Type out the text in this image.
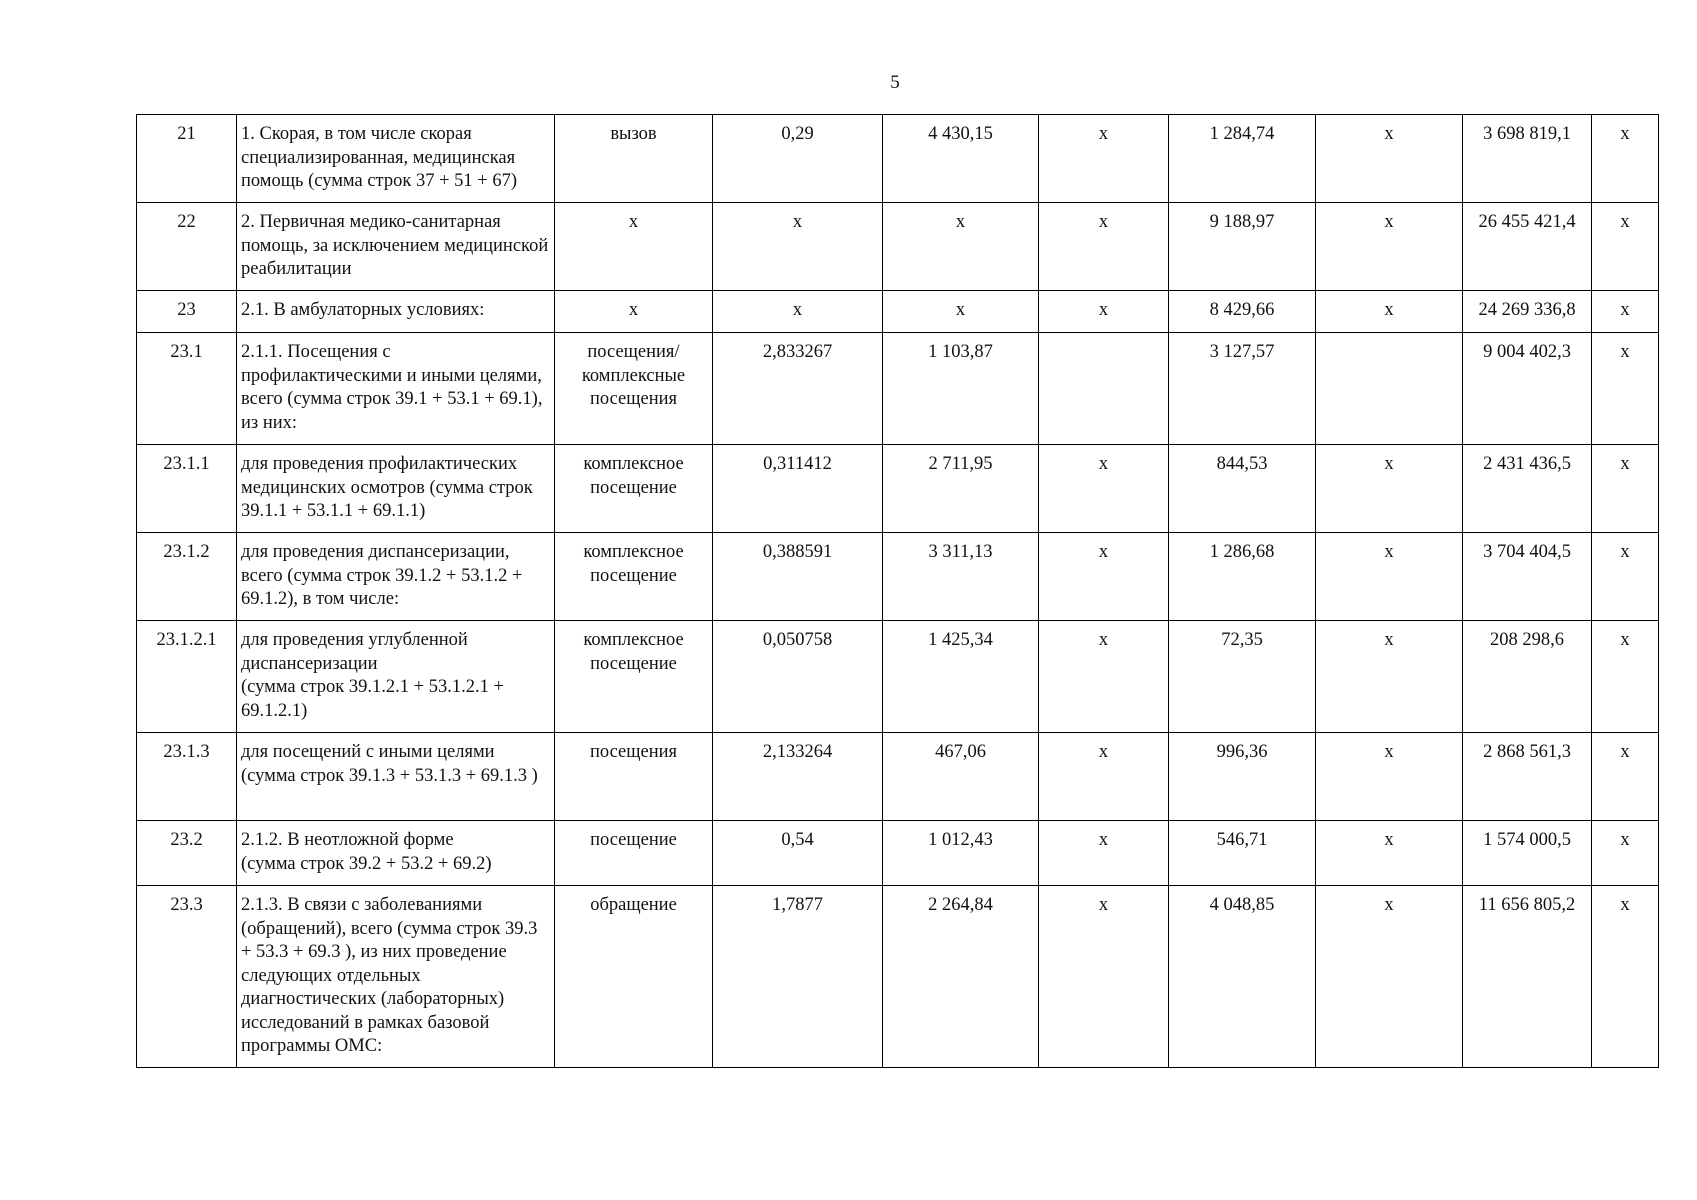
5
21	1. Скорая, в том числе скорая специализированная, медицинская помощь (сумма строк 37 + 51 + 67)	вызов	0,29	4 430,15	х	1 284,74	х	3 698 819,1	х
22	2. Первичная медико-санитарная помощь, за исключением медицинской реабилитации	х	х	х	х	9 188,97	х	26 455 421,4	х
23	2.1. В амбулаторных условиях:	х	х	х	х	8 429,66	х	24 269 336,8	х
23.1	2.1.1. Посещения с профилактическими и иными целями, всего (сумма строк 39.1 + 53.1 + 69.1), из них:	посещения/ комплексные посещения	2,833267	1 103,87		3 127,57		9 004 402,3	х
23.1.1	для проведения профилактических медицинских осмотров (сумма строк 39.1.1 + 53.1.1 + 69.1.1)	комплексное посещение	0,311412	2 711,95	х	844,53	х	2 431 436,5	х
23.1.2	для проведения диспансеризации, всего (сумма строк 39.1.2 + 53.1.2 + 69.1.2), в том числе:	комплексное посещение	0,388591	3 311,13	х	1 286,68	х	3 704 404,5	х
23.1.2.1	для проведения углубленной диспансеризации
(сумма строк 39.1.2.1 + 53.1.2.1 + 69.1.2.1)	комплексное посещение	0,050758	1 425,34	х	72,35	х	208 298,6	х
23.1.3	для посещений с иными целями (сумма строк 39.1.3 + 53.1.3 + 69.1.3 )	посещения	2,133264	467,06	х	996,36	х	2 868 561,3	х
23.2	2.1.2. В неотложной форме
(сумма строк 39.2 + 53.2 + 69.2)	посещение	0,54	1 012,43	х	546,71	х	1 574 000,5	х
23.3	2.1.3. В связи с заболеваниями (обращений), всего (сумма строк 39.3 + 53.3 + 69.3 ), из них проведение следующих отдельных диагностических (лабораторных) исследований в рамках базовой программы ОМС:	обращение	1,7877	2 264,84	х	4 048,85	х	11 656 805,2	х
